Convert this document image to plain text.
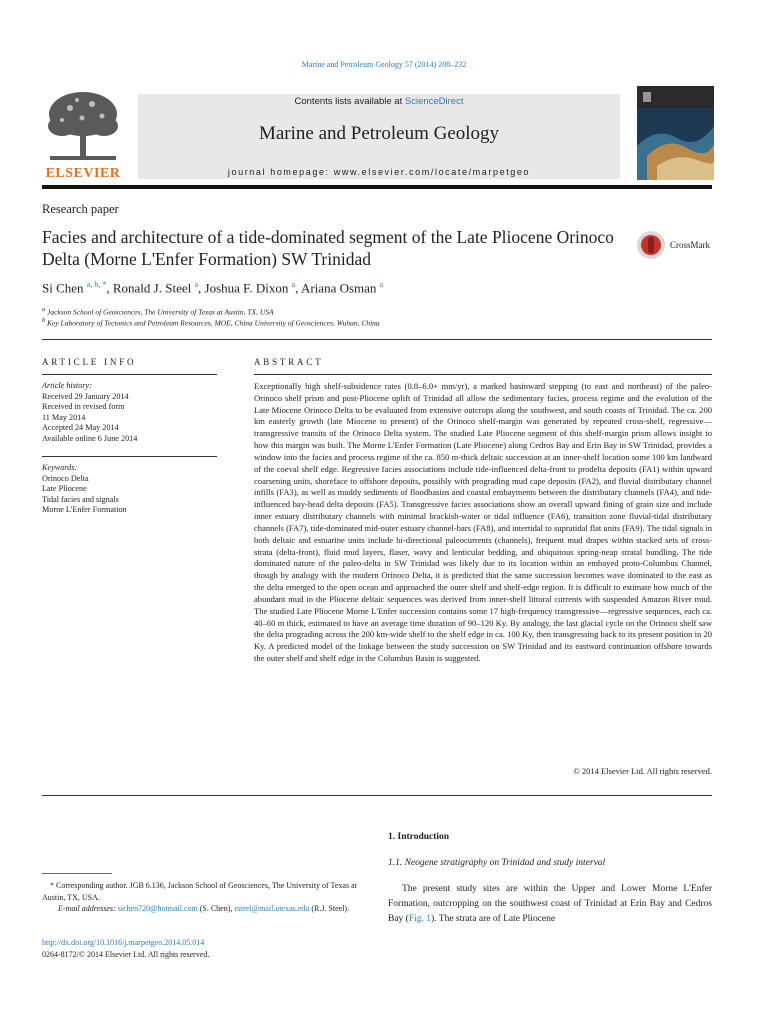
Marine and Petroleum Geology 57 (2014) 208–232
ELSEVIER
Contents lists available at ScienceDirect
Marine and Petroleum Geology
journal homepage: www.elsevier.com/locate/marpetgeo
Research paper
Facies and architecture of a tide-dominated segment of the Late Pliocene Orinoco Delta (Morne L'Enfer Formation) SW Trinidad
CrossMark
Si Chen $^{a, b, *}$, Ronald J. Steel $^a$, Joshua F. Dixon $^a$, Ariana Osman $^a$
$^a$ Jackson School of Geosciences, The University of Texas at Austin, TX, USA
$^b$ Key Laboratory of Tectonics and Petroleum Resources, MOE, China University of Geosciences, Wuhan, China
ARTICLE INFO
Article history:
Received 29 January 2014
Received in revised form
11 May 2014
Accepted 24 May 2014
Available online 6 June 2014
Keywords:
Orinoco Delta
Late Pliocene
Tidal facies and signals
Morne L'Enfer Formation
ABSTRACT
Exceptionally high shelf-subsidence rates (0.8–6.0+ mm/yr), a marked basinward stepping (to east and northeast) of the paleo-Orinoco shelf prism and post-Pliocene uplift of Trinidad all allow the sedimentary facies, process regime and the evolution of the Late Miocene Orinoco Delta to be evaluated from extensive outcrops along the southwest, and south coasts of Trinidad. The ca. 200 km easterly growth (late Miocene to present) of the Orinoco shelf-margin was generated by repeated cross-shelf, regressive—transgressive transits of the Orinoco Delta system. The studied Late Pliocene segment of this shelf-margin prism allows insight to how this margin was built. The Morne L'Enfer Formation (Late Pliocene) along Cedros Bay and Erin Bay in SW Trinidad, provides a window into the facies and process regime of the ca. 850 m-thick deltaic succession at an inner-shelf location some 100 km landward of the coeval shelf edge. Regressive facies associations include tide-influenced delta-front to prodelta deposits (FA1) within upward coarsening units, shoreface to offshore deposits, possibly with prograding mud cape deposits (FA2), and fluvial distributary channel infills (FA3), as well as muddy sediments of floodbasins and coastal embayments between the distributary channels (FA4), and tide-influenced bay-head delta deposits (FA5). Transgressive facies associations show an overall upward fining of grain size and include inner estuary distributary channels with minimal brackish-water or tidal influence (FA6), transition zone fluvial-tidal distributary channels (FA7), tide-dominated mid-outer estuary channel-bars (FA8), and intertidal to supratidal flat units (FA9). The tidal signals in both deltaic and estuarine units include bi-directional paleocurrents (channels), frequent mud drapes within stacked sets of cross-strata (delta-front), fluid mud layers, flaser, wavy and lenticular bedding, and ubiquitous spring-neap stratal bundling. The tide dominated nature of the paleo-delta in SW Trinidad was likely due to its location within an embayed proto-Columbus Channel, though by analogy with the modern Orinoco Delta, it is predicted that the same succession becomes wave dominated to the east as the delta emerged to the open ocean and approached the outer shelf and shelf-edge region. It is difficult to estimate how much of the abundant mud in the Pliocene deltaic sequences was derived from inner-shelf littoral currents with suspended Amazon River mud. The studied Late Pliocene Morne L'Enfer succession contains some 17 high-frequency transgressive—regressive sequences, each ca. 40–60 m thick, estimated to have an average time duration of 90–120 Ky. By analogy, the last glacial cycle on the Orinoco shelf saw the delta prograding across the 200 km-wide shelf to the shelf edge in ca. 100 Ky, then transgressing back to its present position in 20 Ky. A predicted model of the linkage between the study succession on SW Trinidad and its eastward continuation offshore towards the outer shelf and shelf edge in the Columbus Basin is suggested.
© 2014 Elsevier Ltd. All rights reserved.
1. Introduction
1.1. Neogene stratigraphy on Trinidad and study interval
The present study sites are within the Upper and Lower Morne L'Enfer Formation, outcropping on the southwest coast of Trinidad at Erin Bay and Cedros Bay (Fig. 1). The strata are of Late Pliocene
* Corresponding author. JGB 6.136, Jackson School of Geosciences, The University of Texas at Austin, TX, USA.
E-mail addresses: sichen720@hotmail.com (S. Chen), rsteel@mail.utexas.edu (R.J. Steel).
http://dx.doi.org/10.1016/j.marpetgeo.2014.05.014
0264-8172/© 2014 Elsevier Ltd. All rights reserved.
